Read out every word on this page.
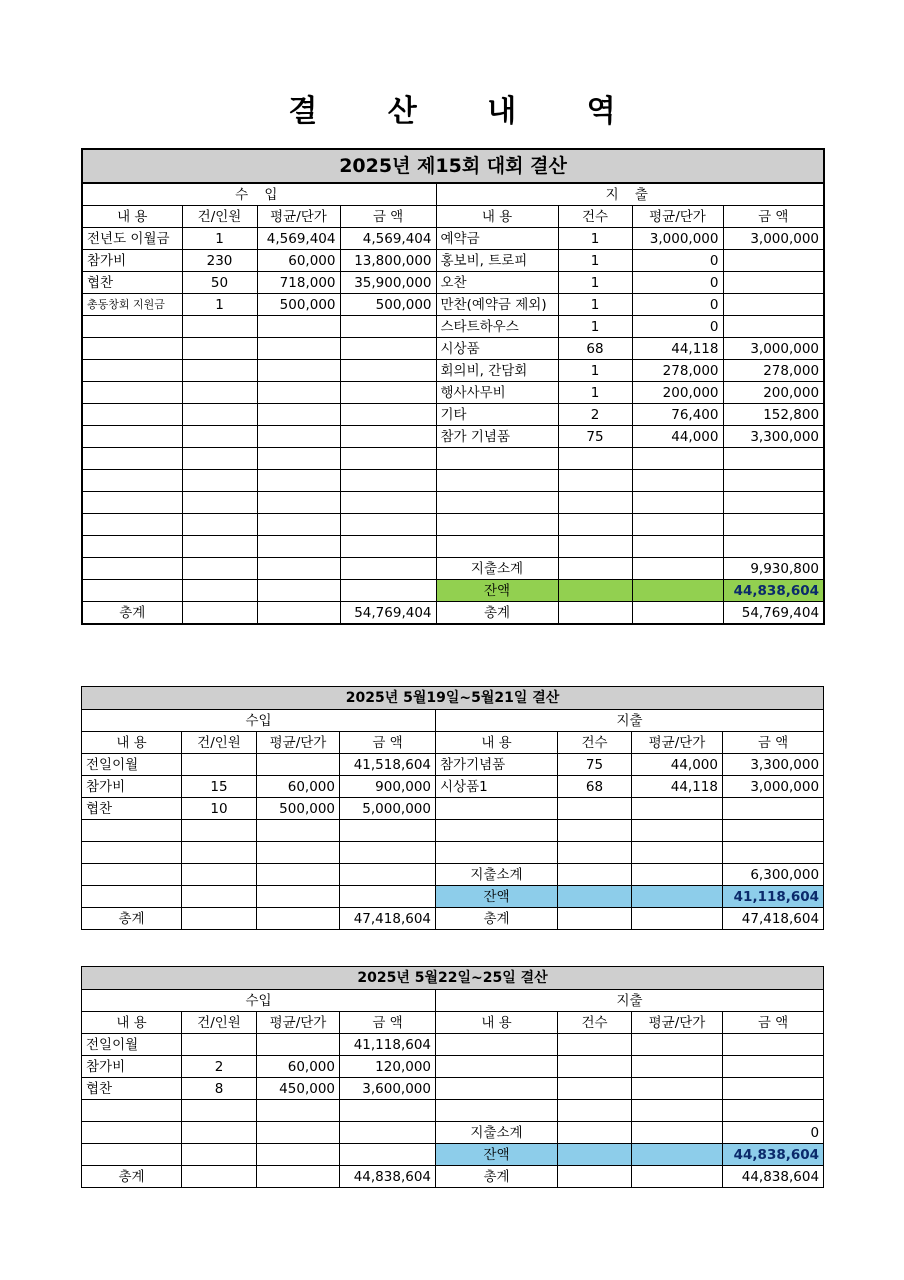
결 산 내 역
2025년 제15회 대회 결산							
수 입				지 출			
내 용	건/인원	평균/단가	금 액	내 용	건수	평균/단가	금 액
전년도 이월금	1	4,569,404	4,569,404	예약금	1	3,000,000	3,000,000
참가비	230	60,000	13,800,000	홍보비, 트로피	1	0	
협찬	50	718,000	35,900,000	오찬	1	0	
총동창회 지원금	1	500,000	500,000	만찬(예약금 제외)	1	0	
				스타트하우스	1	0	
				시상품	68	44,118	3,000,000
				회의비, 간담회	1	278,000	278,000
				행사사무비	1	200,000	200,000
				기타	2	76,400	152,800
				참가 기념품	75	44,000	3,300,000

				지출소계			9,930,800
				잔액			44,838,604
총계			54,769,404	총계			54,769,404
2025년 5월19일~5월21일 결산							
수입				지출			
내 용	건/인원	평균/단가	금 액	내 용	건수	평균/단가	금 액
전일이월			41,518,604	참가기념품	75	44,000	3,300,000
참가비	15	60,000	900,000	시상품1	68	44,118	3,000,000
협찬	10	500,000	5,000,000				

				지출소계			6,300,000
				잔액			41,118,604
총계			47,418,604	총계			47,418,604
2025년 5월22일~25일 결산							
수입				지출			
내 용	건/인원	평균/단가	금 액	내 용	건수	평균/단가	금 액
전일이월			41,118,604				
참가비	2	60,000	120,000				
협찬	8	450,000	3,600,000				

				지출소계			0
				잔액			44,838,604
총계			44,838,604	총계			44,838,604
